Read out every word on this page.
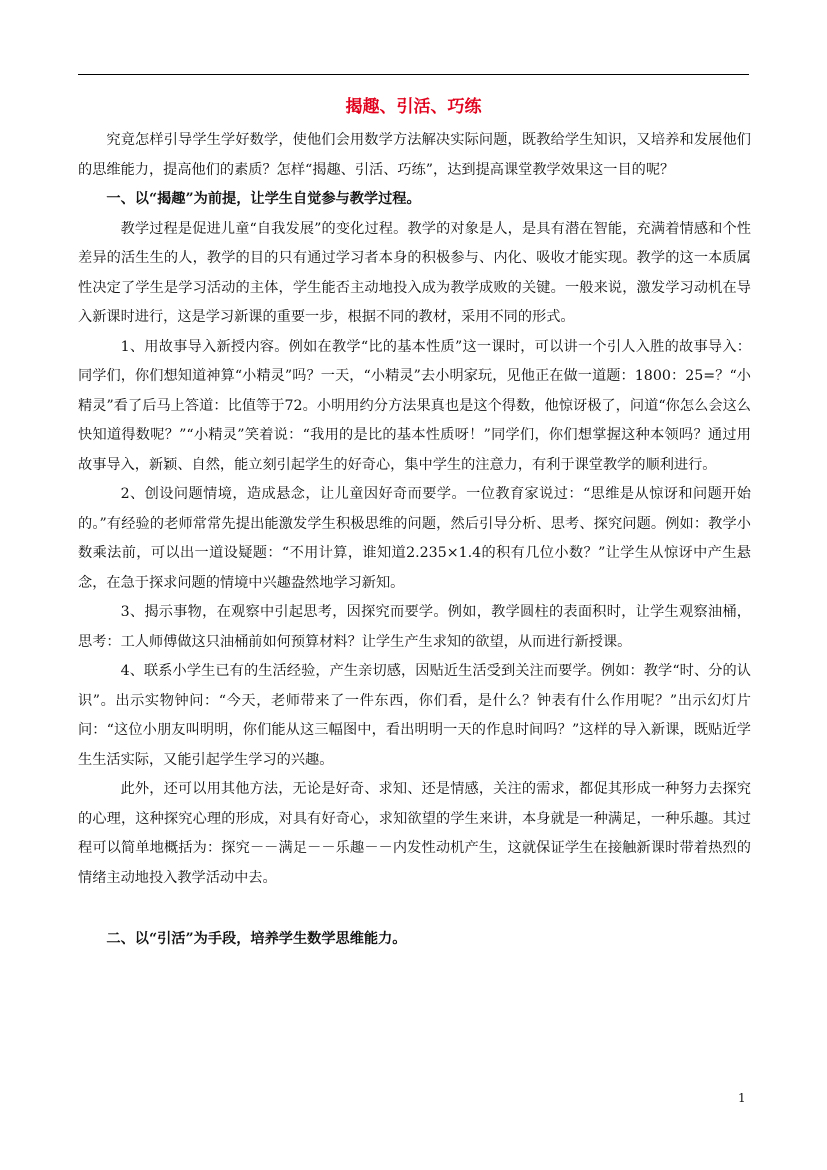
揭趣、引活、巧练

究竟怎样引导学生学好数学，使他们会用数学方法解决实际问题，既教给学生知识，又培养和发展他们的思维能力，提高他们的素质？怎样“揭趣、引活、巧练”，达到提高课堂教学效果这一目的呢？

一、以“揭趣”为前提，让学生自觉参与教学过程。

教学过程是促进儿童“自我发展”的变化过程。教学的对象是人，是具有潜在智能，充满着情感和个性差异的活生生的人，教学的目的只有通过学习者本身的积极参与、内化、吸收才能实现。教学的这一本质属性决定了学生是学习活动的主体，学生能否主动地投入成为教学成败的关键。一般来说，激发学习动机在导入新课时进行，这是学习新课的重要一步，根据不同的教材，采用不同的形式。

1、用故事导入新授内容。例如在教学“比的基本性质”这一课时，可以讲一个引人入胜的故事导入：同学们，你们想知道神算“小精灵”吗？一天，“小精灵”去小明家玩，见他正在做一道题：1800：25=？“小精灵”看了后马上答道：比值等于72。小明用约分方法果真也是这个得数，他惊讶极了，问道“你怎么会这么快知道得数呢？”“小精灵”笑着说：“我用的是比的基本性质呀！”同学们，你们想掌握这种本领吗？通过用故事导入，新颖、自然，能立刻引起学生的好奇心，集中学生的注意力，有利于课堂教学的顺利进行。

2、创设问题情境，造成悬念，让儿童因好奇而要学。一位教育家说过：“思维是从惊讶和问题开始的。”有经验的老师常常先提出能激发学生积极思维的问题，然后引导分析、思考、探究问题。例如：教学小数乘法前，可以出一道设疑题：“不用计算，谁知道2.235×1.4的积有几位小数？”让学生从惊讶中产生悬念，在急于探求问题的情境中兴趣盎然地学习新知。

3、揭示事物，在观察中引起思考，因探究而要学。例如，教学圆柱的表面积时，让学生观察油桶，思考：工人师傅做这只油桶前如何预算材料？让学生产生求知的欲望，从而进行新授课。

4、联系小学生已有的生活经验，产生亲切感，因贴近生活受到关注而要学。例如：教学“时、分的认识”。出示实物钟问：“今天，老师带来了一件东西，你们看，是什么？钟表有什么作用呢？”出示幻灯片问：“这位小朋友叫明明，你们能从这三幅图中，看出明明一天的作息时间吗？”这样的导入新课，既贴近学生生活实际，又能引起学生学习的兴趣。

此外，还可以用其他方法，无论是好奇、求知、还是情感，关注的需求，都促其形成一种努力去探究的心理，这种探究心理的形成，对具有好奇心，求知欲望的学生来讲，本身就是一种满足，一种乐趣。其过程可以简单地概括为：探究－－满足－－乐趣－－内发性动机产生，这就保证学生在接触新课时带着热烈的情绪主动地投入教学活动中去。

二、以“引活”为手段，培养学生数学思维能力。

1
